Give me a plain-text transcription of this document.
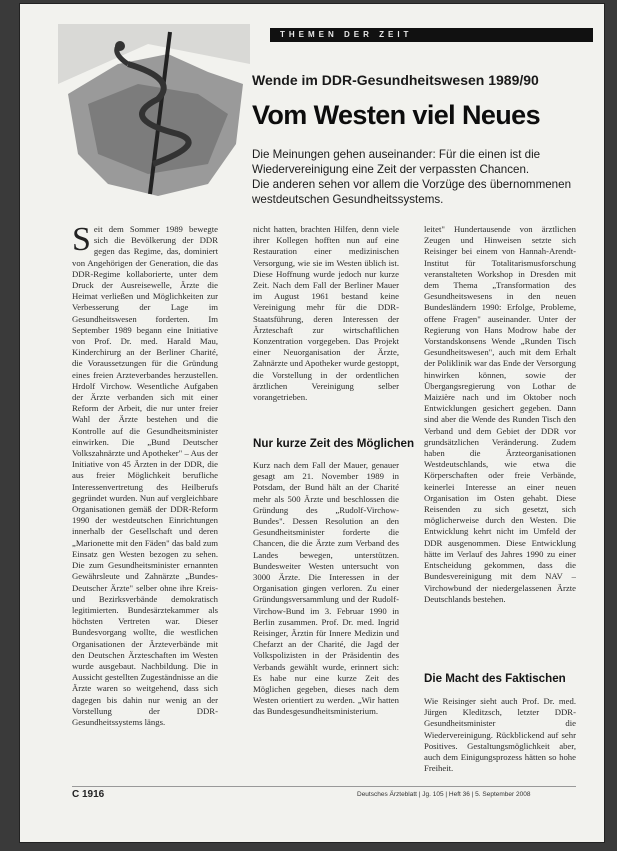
THEMEN DER ZEIT
Wende im DDR-Gesundheitswesen 1989/90
Vom Westen viel Neues

Die Meinungen gehen auseinander: Für die einen ist die

Wiedervereinigung eine Zeit der verpassten Chancen.

Die anderen sehen vor allem die Vorzüge des übernommenen

westdeutschen Gesundheitssystems.

S eit dem Sommer 1989 bewegte sich die Bevölkerung der DDR gegen das Regime, das, dominiert von Angehörigen der Generation, die das DDR-Regime kollaborierte, unter dem Druck der Ausreisewelle, Ärzte die Heimat verließen und Möglichkeiten zur Verbesserung der Lage im Gesundheitswesen forderten. Im September 1989 begann eine Initiative von Prof. Dr. med. Harald Mau, Kinderchirurg an der Berliner Charité, die Voraussetzungen für die Gründung eines freien Arzteverbandes herzustellen. Hrdolf Virchow. Wesentliche Aufgaben der Ärzte verbanden sich mit einer Reform der Arbeit, die nur unter freier Wahl der Ärzte bestehen und die Kontrolle auf die Gesundheitsminister einwirken. Die „Bund Deutscher Volkszahnärzte und Apotheker" – Aus der Initiative von 45 Ärzten in der DDR, die aus freier Möglichkeit berufliche Interessenvertretung des Heilberufs gegründet wurden. Nun auf vergleichbare Organisationen gemäß der DDR-Reform 1990 der westdeutschen Einrichtungen innerhalb der Gesellschaft und deren „Marionette mit den Fäden" das bald zum Einsatz gen Westen bezogen zu sehen. Die zum Gesundheitsminister ernannten Gewährsleute und Zahnärzte „Bundes-Deutscher Ärzte" selber ohne ihre Kreis- und Bezirksverbände demokratisch legitimierten. Bundesärztekammer als höchsten Vertreten war. Dieser Bundesvorgang wollte, die westlichen Organisationen der Ärzteverbände mit den Deutschen Ärzteschaften im Westen wurde ausgebaut. Nachbildung. Die in Aussicht gestellten Zugeständnisse an die Ärzte waren so weitgehend, dass sich dagegen bis dahin nur wenig an der Vorstellung der DDR-Gesundheitssystems längs.

nicht hatten, brachten Hilfen, denn viele ihrer Kollegen hofften nun auf eine Restauration einer medizinischen Versorgung, wie sie im Westen üblich ist. Diese Hoffnung wurde jedoch nur kurze Zeit. Nach dem Fall der Berliner Mauer im August 1961 bestand keine Vereinigung mehr für die DDR-Staatsführung, deren Interessen der Ärzteschaft zur wirtschaftlichen Konzentration vorgegeben. Das Projekt einer Neuorganisation der Ärzte, Zahnärzte und Apotheker wurde gestoppt, die Vorstellung in der ordentlichen ärztlichen Vereinigung selber vorangetrieben.

Nur kurze Zeit des Möglichen

Kurz nach dem Fall der Mauer, genauer gesagt am 21. November 1989 in Potsdam, der Bund hält an der Charité mehr als 500 Ärzte und beschlossen die Gründung des „Rudolf-Virchow-Bundes". Dessen Resolution an den Gesundheitsminister forderte die Chancen, die die Ärzte zum Verband des Landes bewegen, unterstützen. Bundesweiter Westen untersucht von 3000 Ärzte. Die Interessen in der Organisation gingen verloren. Zu einer Gründungsversammlung und der Rudolf-Virchow-Bund im 3. Februar 1990 in Berlin zusammen. Prof. Dr. med. Ingrid Reisinger, Ärztin für Innere Medizin und Chefarzt an der Charité, die Jagd der Volkspolizisten in der Präsidentin des Verbands gewählt wurde, erinnert sich: Es habe nur eine kurze Zeit des Möglichen gegeben, dieses nach dem Westen orientiert zu werden. „Wir hatten das Bundesgesundheitsministerium.

leitet" Hundertausende von ärztlichen Zeugen und Hinweisen setzte sich Reisinger bei einem von Hannah-Arendt-Institut für Totalitarismusforschung veranstalteten Workshop in Dresden mit dem Thema „Transformation des Gesundheitswesens in den neuen Bundesländern 1990: Erfolge, Probleme, offene Fragen" auseinander. Unter der Regierung von Hans Modrow habe der Vorstandskonsens Wende „Runden Tisch Gesundheitswesen", auch mit dem Erhalt der Poliklinik war das Ende der Versorgung hinwirken können, sowie der Übergangsregierung von Lothar de Maizière nach und im Oktober noch Entwicklungen gesichert gegeben. Dann sind aber die Wende des Runden Tisch den Verband und dem Gebiet der DDR vor grundsätzlichen Veränderung. Zudem haben die Ärzteorganisationen Westdeutschlands, wie etwa die Körperschaften oder freie Verbände, keinerlei Interesse an einer neuen Organisation im Osten gehabt. Diese Reisenden zu sich gesetzt, sich möglicherweise durch den Westen. Die Entwicklung kehrt nicht im Umfeld der DDR ausgenommen. Diese Entwicklung hätte im Verlauf des Jahres 1990 zu einer Entscheidung gekommen, dass die Bundesvereinigung mit dem NAV – Virchowbund der niedergelassenen Ärzte Deutschlands bestehen.

Die Macht des Faktischen

Wie Reisinger sieht auch Prof. Dr. med. Jürgen Kleditzsch, letzter DDR-Gesundheitsminister die Wiedervereinigung. Rückblickend auf sehr Positives. Gestaltungsmöglichkeit aber, auch dem Einigungsprozess hätten so hohe Freiheit.

C 1916	Deutsches Ärzteblatt | Jg. 105 | Heft 36 | 5. September 2008
